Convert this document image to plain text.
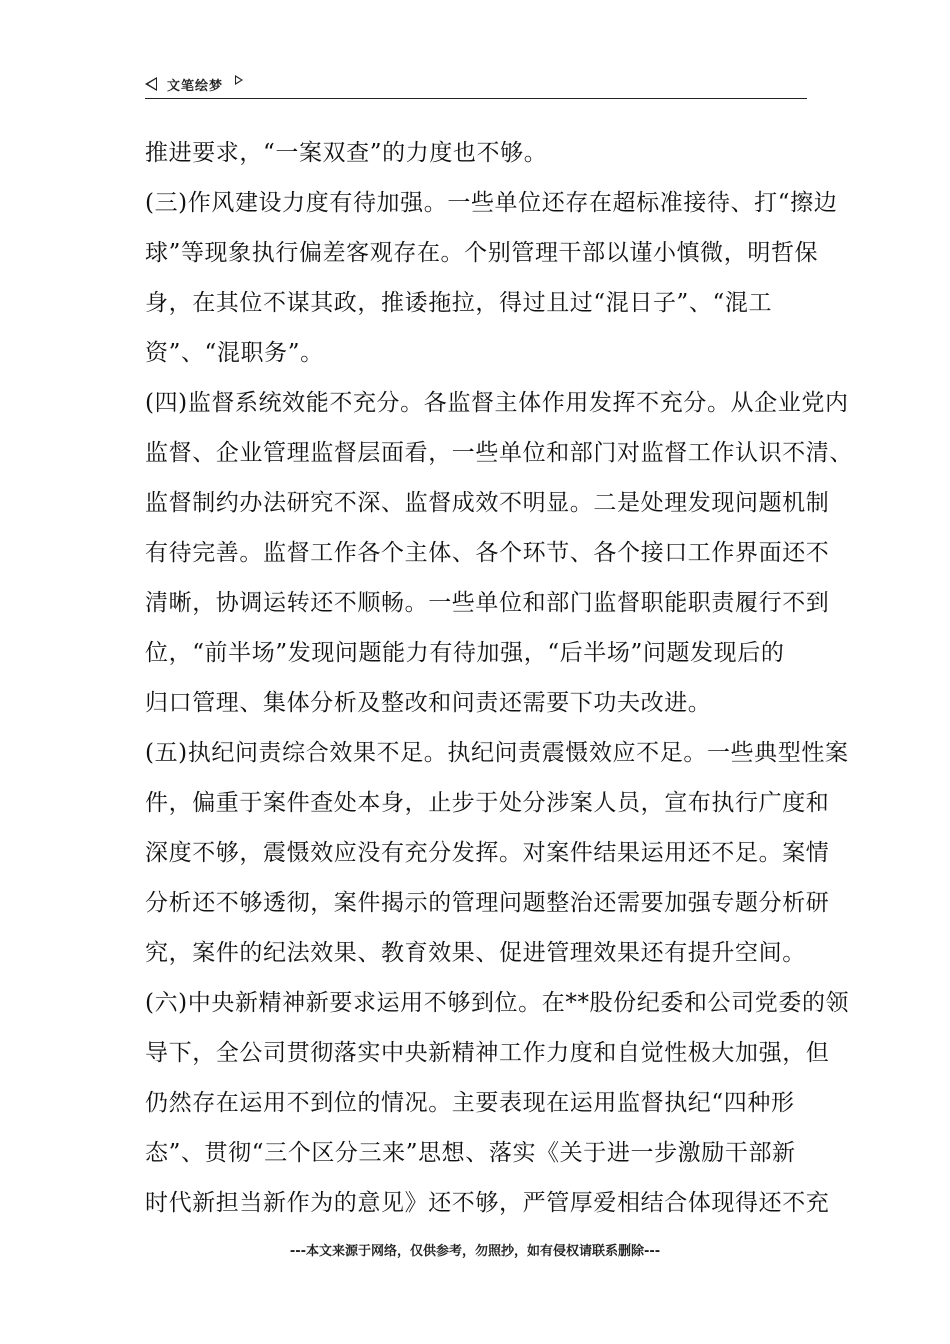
文笔绘梦
推进要求，“一案双查”的力度也不够。
(三)作风建设力度有待加强。一些单位还存在超标准接待、打“擦边
球”等现象执行偏差客观存在。个别管理干部以谨小慎微，明哲保
身，在其位不谋其政，推诿拖拉，得过且过“混日子”、“混工
资”、“混职务”。
(四)监督系统效能不充分。各监督主体作用发挥不充分。从企业党内
监督、企业管理监督层面看，一些单位和部门对监督工作认识不清、
监督制约办法研究不深、监督成效不明显。二是处理发现问题机制
有待完善。监督工作各个主体、各个环节、各个接口工作界面还不
清晰，协调运转还不顺畅。一些单位和部门监督职能职责履行不到
位，“前半场”发现问题能力有待加强，“后半场”问题发现后的
归口管理、集体分析及整改和问责还需要下功夫改进。
(五)执纪问责综合效果不足。执纪问责震慑效应不足。一些典型性案
件，偏重于案件查处本身，止步于处分涉案人员，宣布执行广度和
深度不够，震慑效应没有充分发挥。对案件结果运用还不足。案情
分析还不够透彻，案件揭示的管理问题整治还需要加强专题分析研
究，案件的纪法效果、教育效果、促进管理效果还有提升空间。
(六)中央新精神新要求运用不够到位。在**股份纪委和公司党委的领
导下，全公司贯彻落实中央新精神工作力度和自觉性极大加强，但
仍然存在运用不到位的情况。主要表现在运用监督执纪“四种形
态”、贯彻“三个区分三来”思想、落实《关于进一步激励干部新
时代新担当新作为的意见》还不够，严管厚爱相结合体现得还不充
---本文来源于网络，仅供参考，勿照抄，如有侵权请联系删除---
